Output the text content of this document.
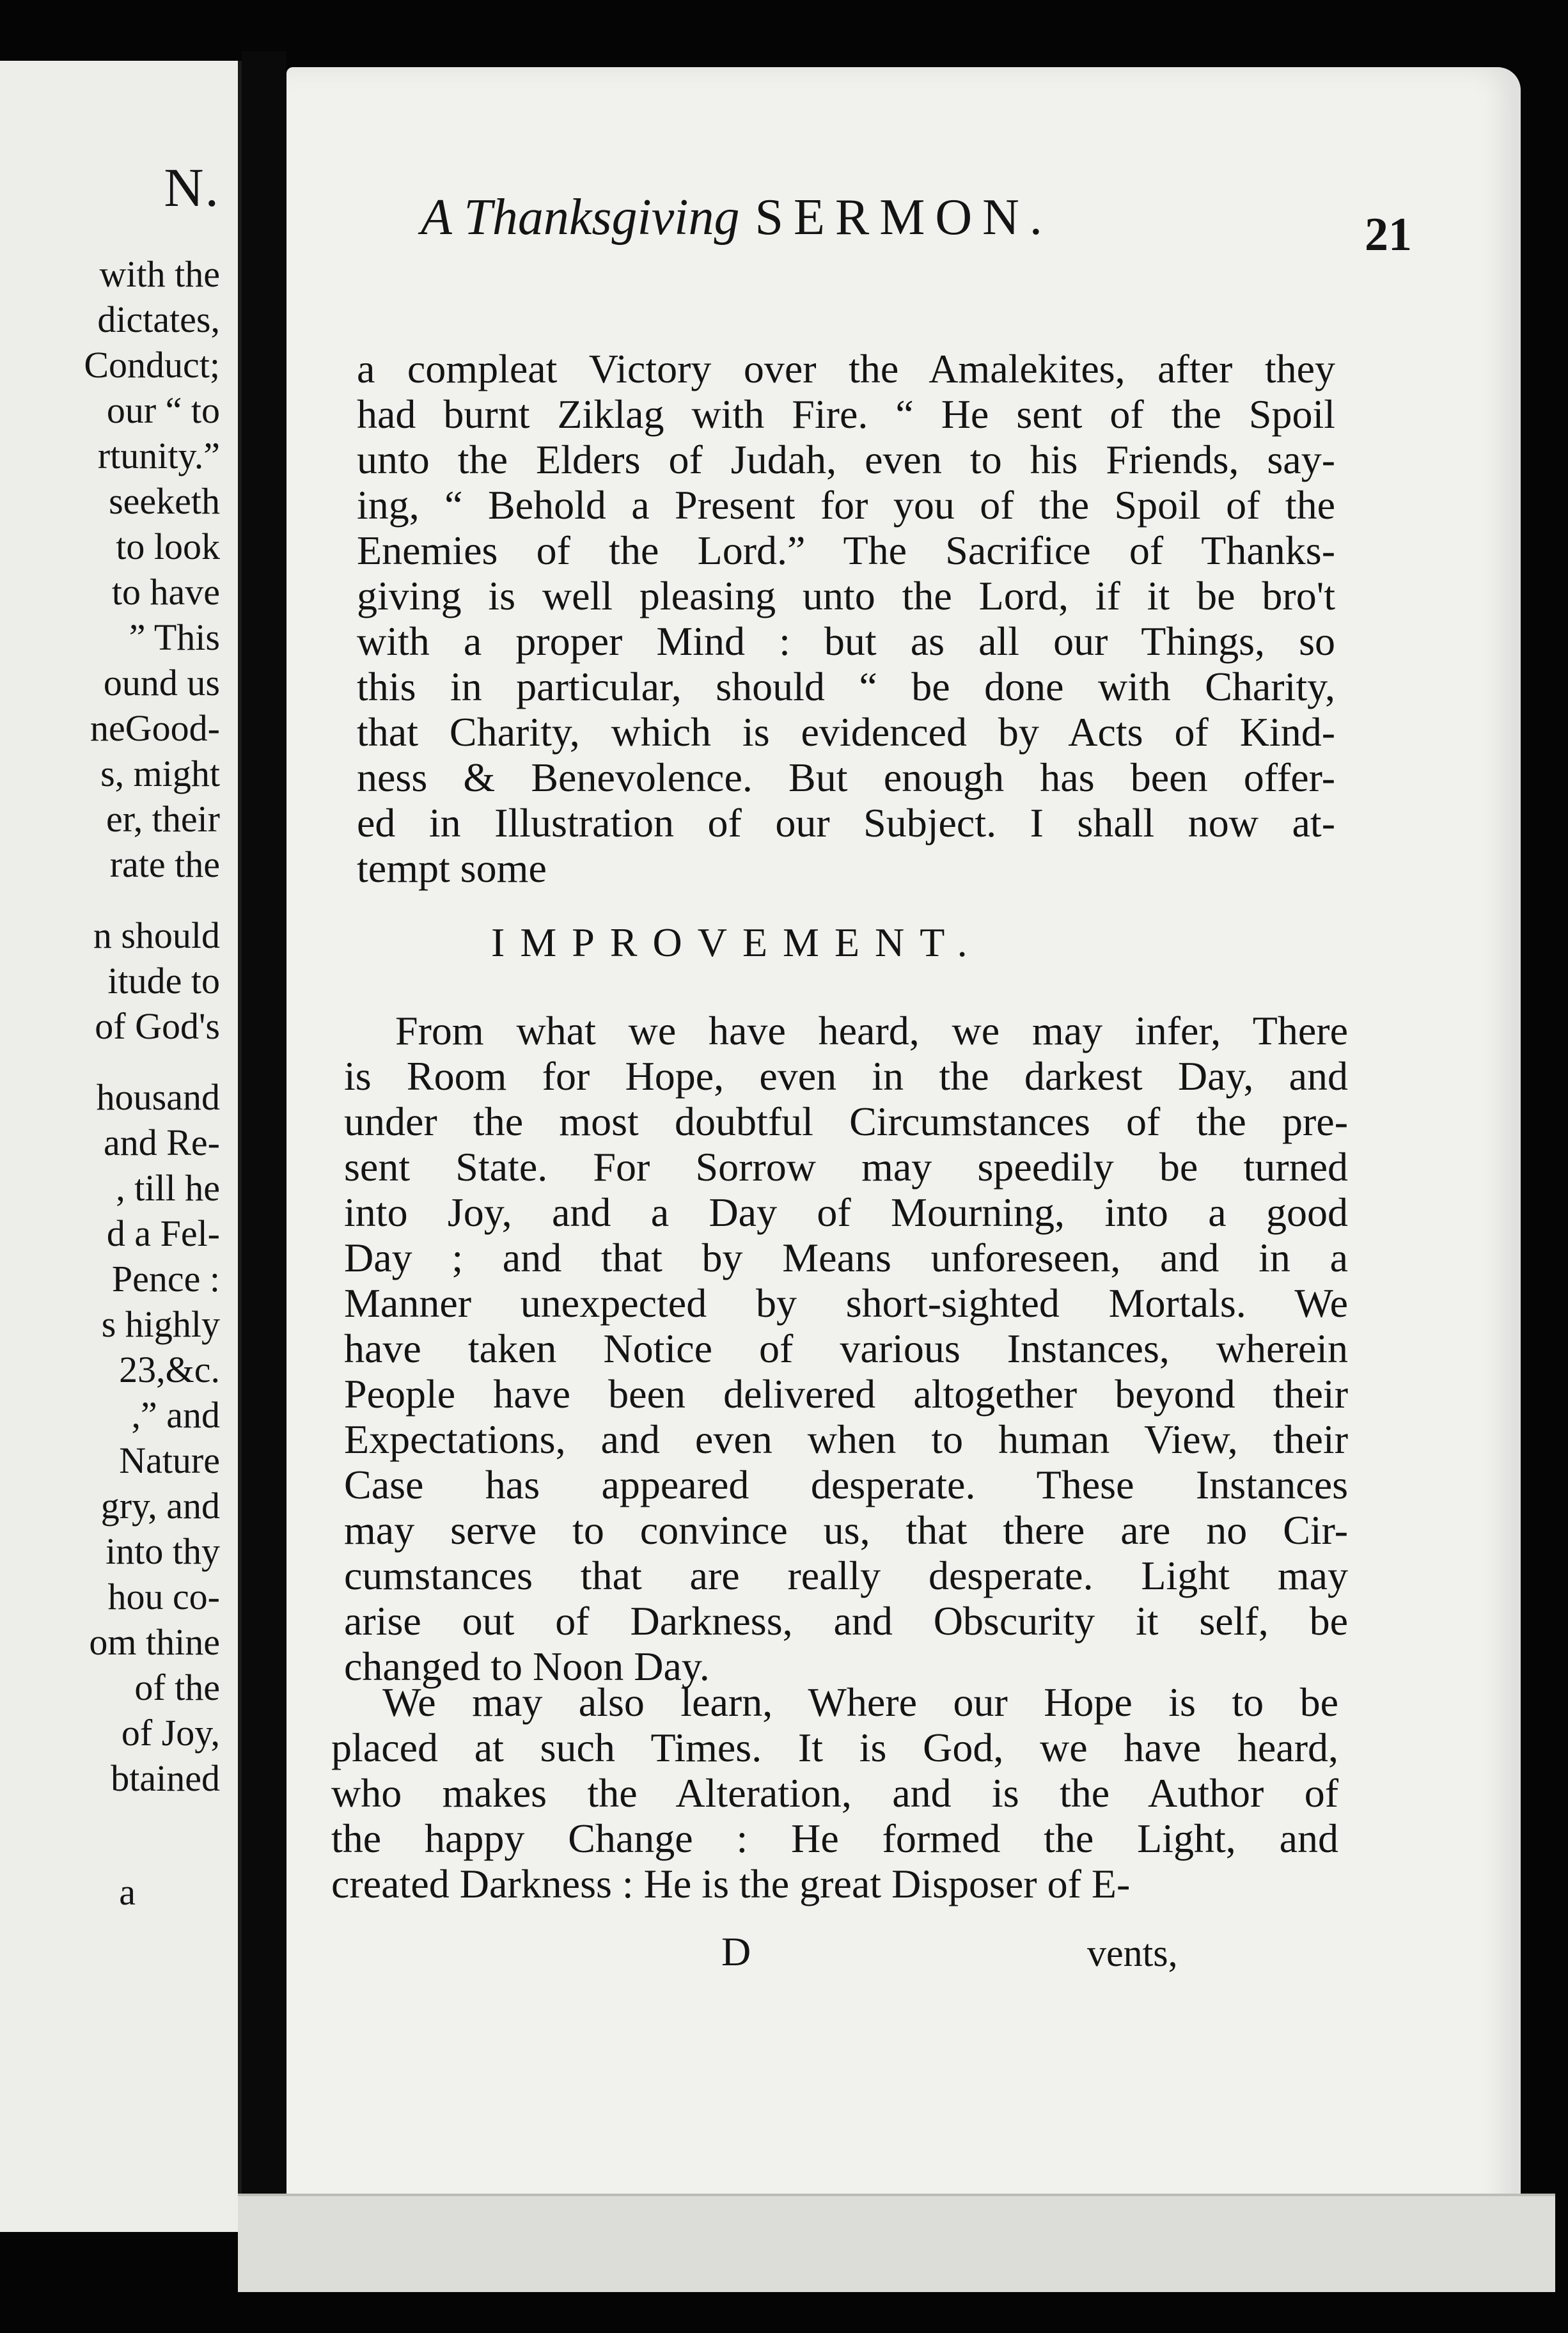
N.
with the
dictates,
Conduct;
our “ to
rtunity.”
seeketh
to look
to have
” This
ound us
neGood-
s, might
er, their
rate the
n should
itude to
of God's
housand
and Re-
, till he
d a Fel-
Pence :
s highly
23,&c.
,” and
Nature
gry, and
into thy
hou co-
om thine
of the
of Joy,
btained
a
A Thanksgiving SERMON.	21
a compleat Victory over the Amalekites, after they
had burnt Ziklag with Fire. “ He sent of the Spoil
unto the Elders of Judah, even to his Friends, say-
ing, “ Behold a Present for you of the Spoil of the
Enemies of the Lord.” The Sacrifice of Thanks-
giving is well pleasing unto the Lord, if it be bro't
with a proper Mind : but as all our Things, so
this in particular, should “ be done with Charity,
that Charity, which is evidenced by Acts of Kind-
ness & Benevolence. But enough has been offer-
ed in Illustration of our Subject. I shall now at-
tempt some
From what we have heard, we may infer, There
is Room for Hope, even in the darkest Day, and
under the most doubtful Circumstances of the pre-
sent State. For Sorrow may speedily be turned
into Joy, and a Day of Mourning, into a good
Day ; and that by Means unforeseen, and in a
Manner unexpected by short-sighted Mortals. We
have taken Notice of various Instances, wherein
People have been delivered altogether beyond their
Expectations, and even when to human View, their
Case has appeared desperate. These Instances
may serve to convince us, that there are no Cir-
cumstances that are really desperate. Light may
arise out of Darkness, and Obscurity it self, be
changed to Noon Day.
We may also learn, Where our Hope is to be
placed at such Times. It is God, we have heard,
who makes the Alteration, and is the Author of
the happy Change : He formed the Light, and
created Darkness : He is the great Disposer of E-
IMPROVEMENT.
D	vents,
